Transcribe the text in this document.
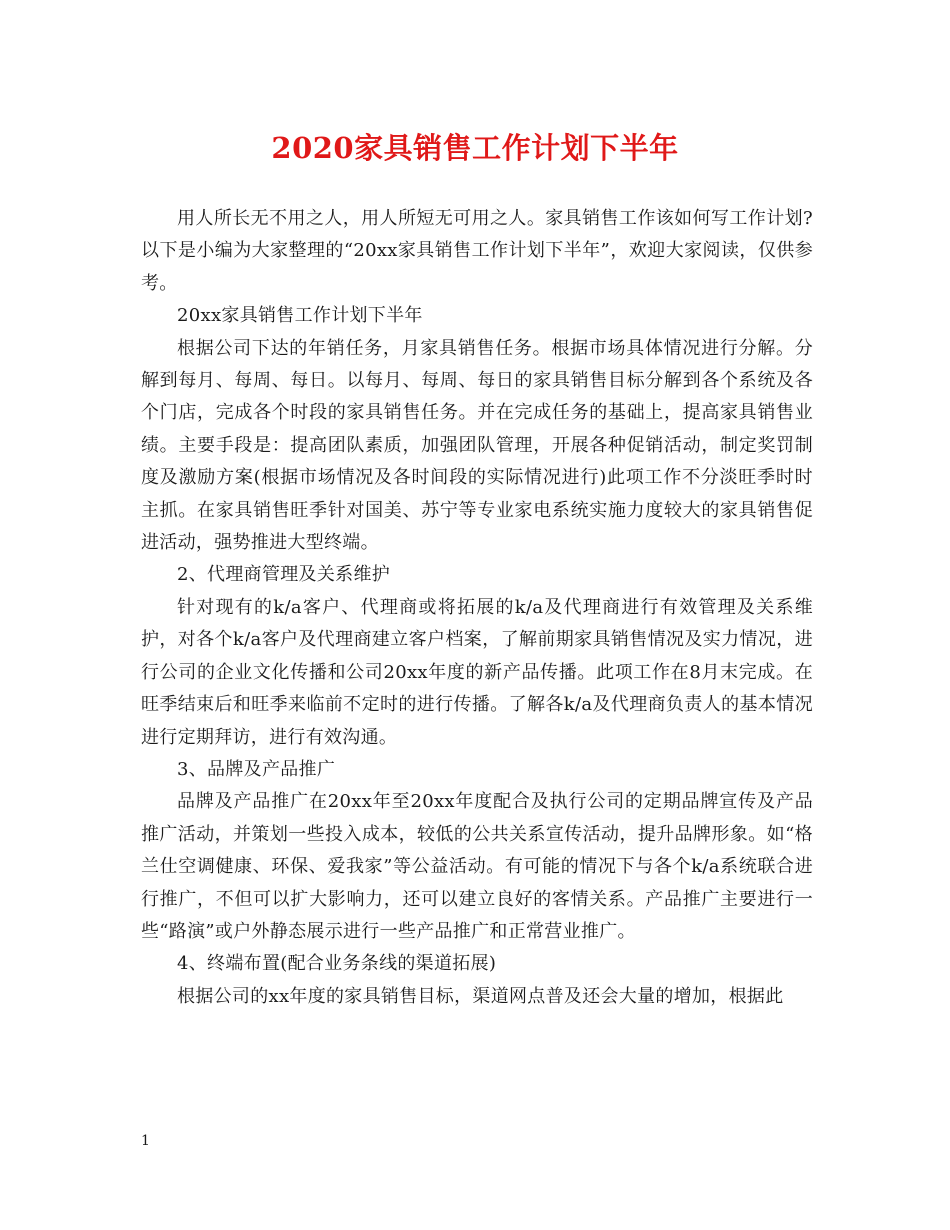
2020家具销售工作计划下半年

用人所长无不用之人，用人所短无可用之人。家具销售工作该如何写工作计划?以下是小编为大家整理的“20xx家具销售工作计划下半年”，欢迎大家阅读，仅供参考。

20xx家具销售工作计划下半年

根据公司下达的年销任务，月家具销售任务。根据市场具体情况进行分解。分解到每月、每周、每日。以每月、每周、每日的家具销售目标分解到各个系统及各个门店，完成各个时段的家具销售任务。并在完成任务的基础上，提高家具销售业绩。主要手段是：提高团队素质，加强团队管理，开展各种促销活动，制定奖罚制度及激励方案(根据市场情况及各时间段的实际情况进行)此项工作不分淡旺季时时主抓。在家具销售旺季针对国美、苏宁等专业家电系统实施力度较大的家具销售促进活动，强势推进大型终端。

2、代理商管理及关系维护

针对现有的k/a客户、代理商或将拓展的k/a及代理商进行有效管理及关系维护，对各个k/a客户及代理商建立客户档案，了解前期家具销售情况及实力情况，进行公司的企业文化传播和公司20xx年度的新产品传播。此项工作在8月末完成。在旺季结束后和旺季来临前不定时的进行传播。了解各k/a及代理商负责人的基本情况进行定期拜访，进行有效沟通。

3、品牌及产品推广

品牌及产品推广在20xx年至20xx年度配合及执行公司的定期品牌宣传及产品推广活动，并策划一些投入成本，较低的公共关系宣传活动，提升品牌形象。如“格兰仕空调健康、环保、爱我家”等公益活动。有可能的情况下与各个k/a系统联合进行推广，不但可以扩大影响力，还可以建立良好的客情关系。产品推广主要进行一些“路演”或户外静态展示进行一些产品推广和正常营业推广。

4、终端布置(配合业务条线的渠道拓展)

根据公司的xx年度的家具销售目标，渠道网点普及还会大量的增加，根据此

1
